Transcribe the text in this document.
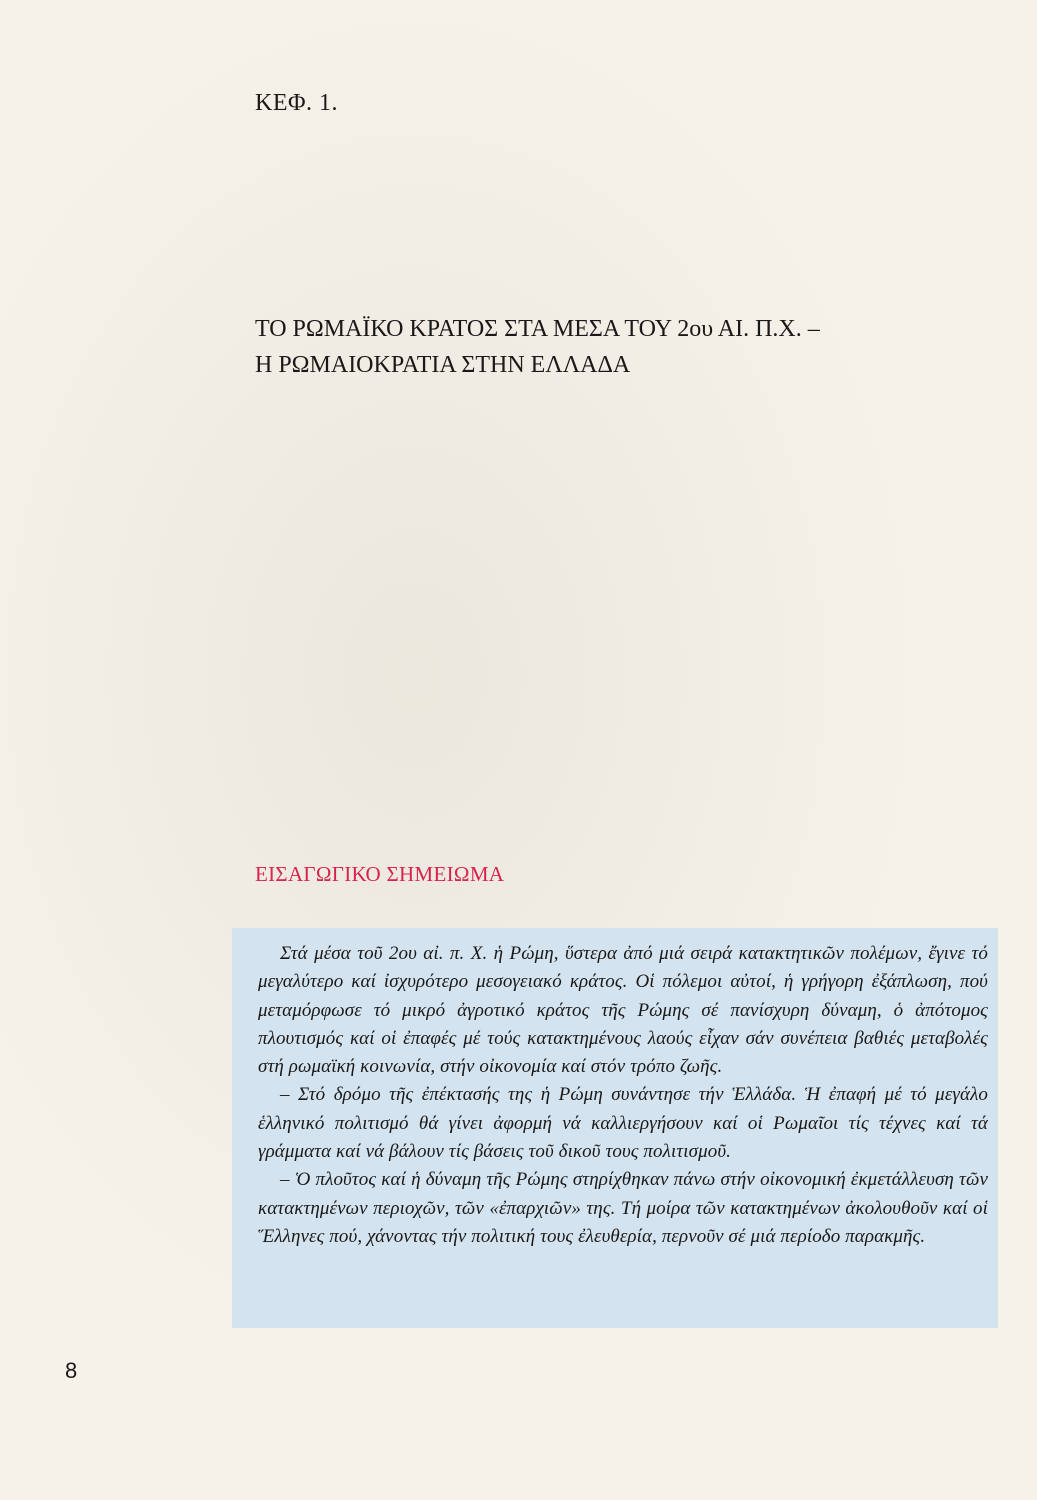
ΚΕΦ. 1.
ΤΟ ΡΩΜΑΪΚΟ ΚΡΑΤΟΣ ΣΤΑ ΜΕΣΑ ΤΟΥ 2ου ΑΙ. Π.Χ. –
Η ΡΩΜΑΙΟΚΡΑΤΙΑ ΣΤΗΝ ΕΛΛΑΔΑ
ΕΙΣΑΓΩΓΙΚΟ ΣΗΜΕΙΩΜΑ

Στά μέσα τοῦ 2ου αἰ. π. Χ. ἡ Ρώμη, ὕστερα ἀπό μιά σειρά κατακτητικῶν πολέμων, ἔγινε τό μεγαλύτερο καί ἰσχυρότερο μεσογειακό κράτος. Οἱ πόλεμοι αὐτοί, ἡ γρήγορη ἐξάπλωση, πού μεταμόρφωσε τό μικρό ἀγροτικό κράτος τῆς Ρώμης σέ πανίσχυρη δύναμη, ὁ ἀπότομος πλουτισμός καί οἱ ἐπαφές μέ τούς κατακτημένους λαούς εἶχαν σάν συνέπεια βαθιές μεταβολές στή ρωμαϊκή κοινωνία, στήν οἰκονομία καί στόν τρόπο ζωῆς.

– Στό δρόμο τῆς ἐπέκτασής της ἡ Ρώμη συνάντησε τήν Ἑλλάδα. Ἡ ἐπαφή μέ τό μεγάλο ἑλληνικό πολιτισμό θά γίνει ἀφορμή νά καλλιεργήσουν καί οἱ Ρωμαῖοι τίς τέχνες καί τά γράμματα καί νά βάλουν τίς βάσεις τοῦ δικοῦ τους πολιτισμοῦ.

– Ὁ πλοῦτος καί ἡ δύναμη τῆς Ρώμης στηρίχθηκαν πάνω στήν οἰκονομική ἐκμετάλλευση τῶν κατακτημένων περιοχῶν, τῶν «ἐπαρχιῶν» της. Τή μοίρα τῶν κατακτημένων ἀκολουθοῦν καί οἱ Ἕλληνες πού, χάνοντας τήν πολιτική τους ἐλευθερία, περνοῦν σέ μιά περίοδο παρακμῆς.

8
